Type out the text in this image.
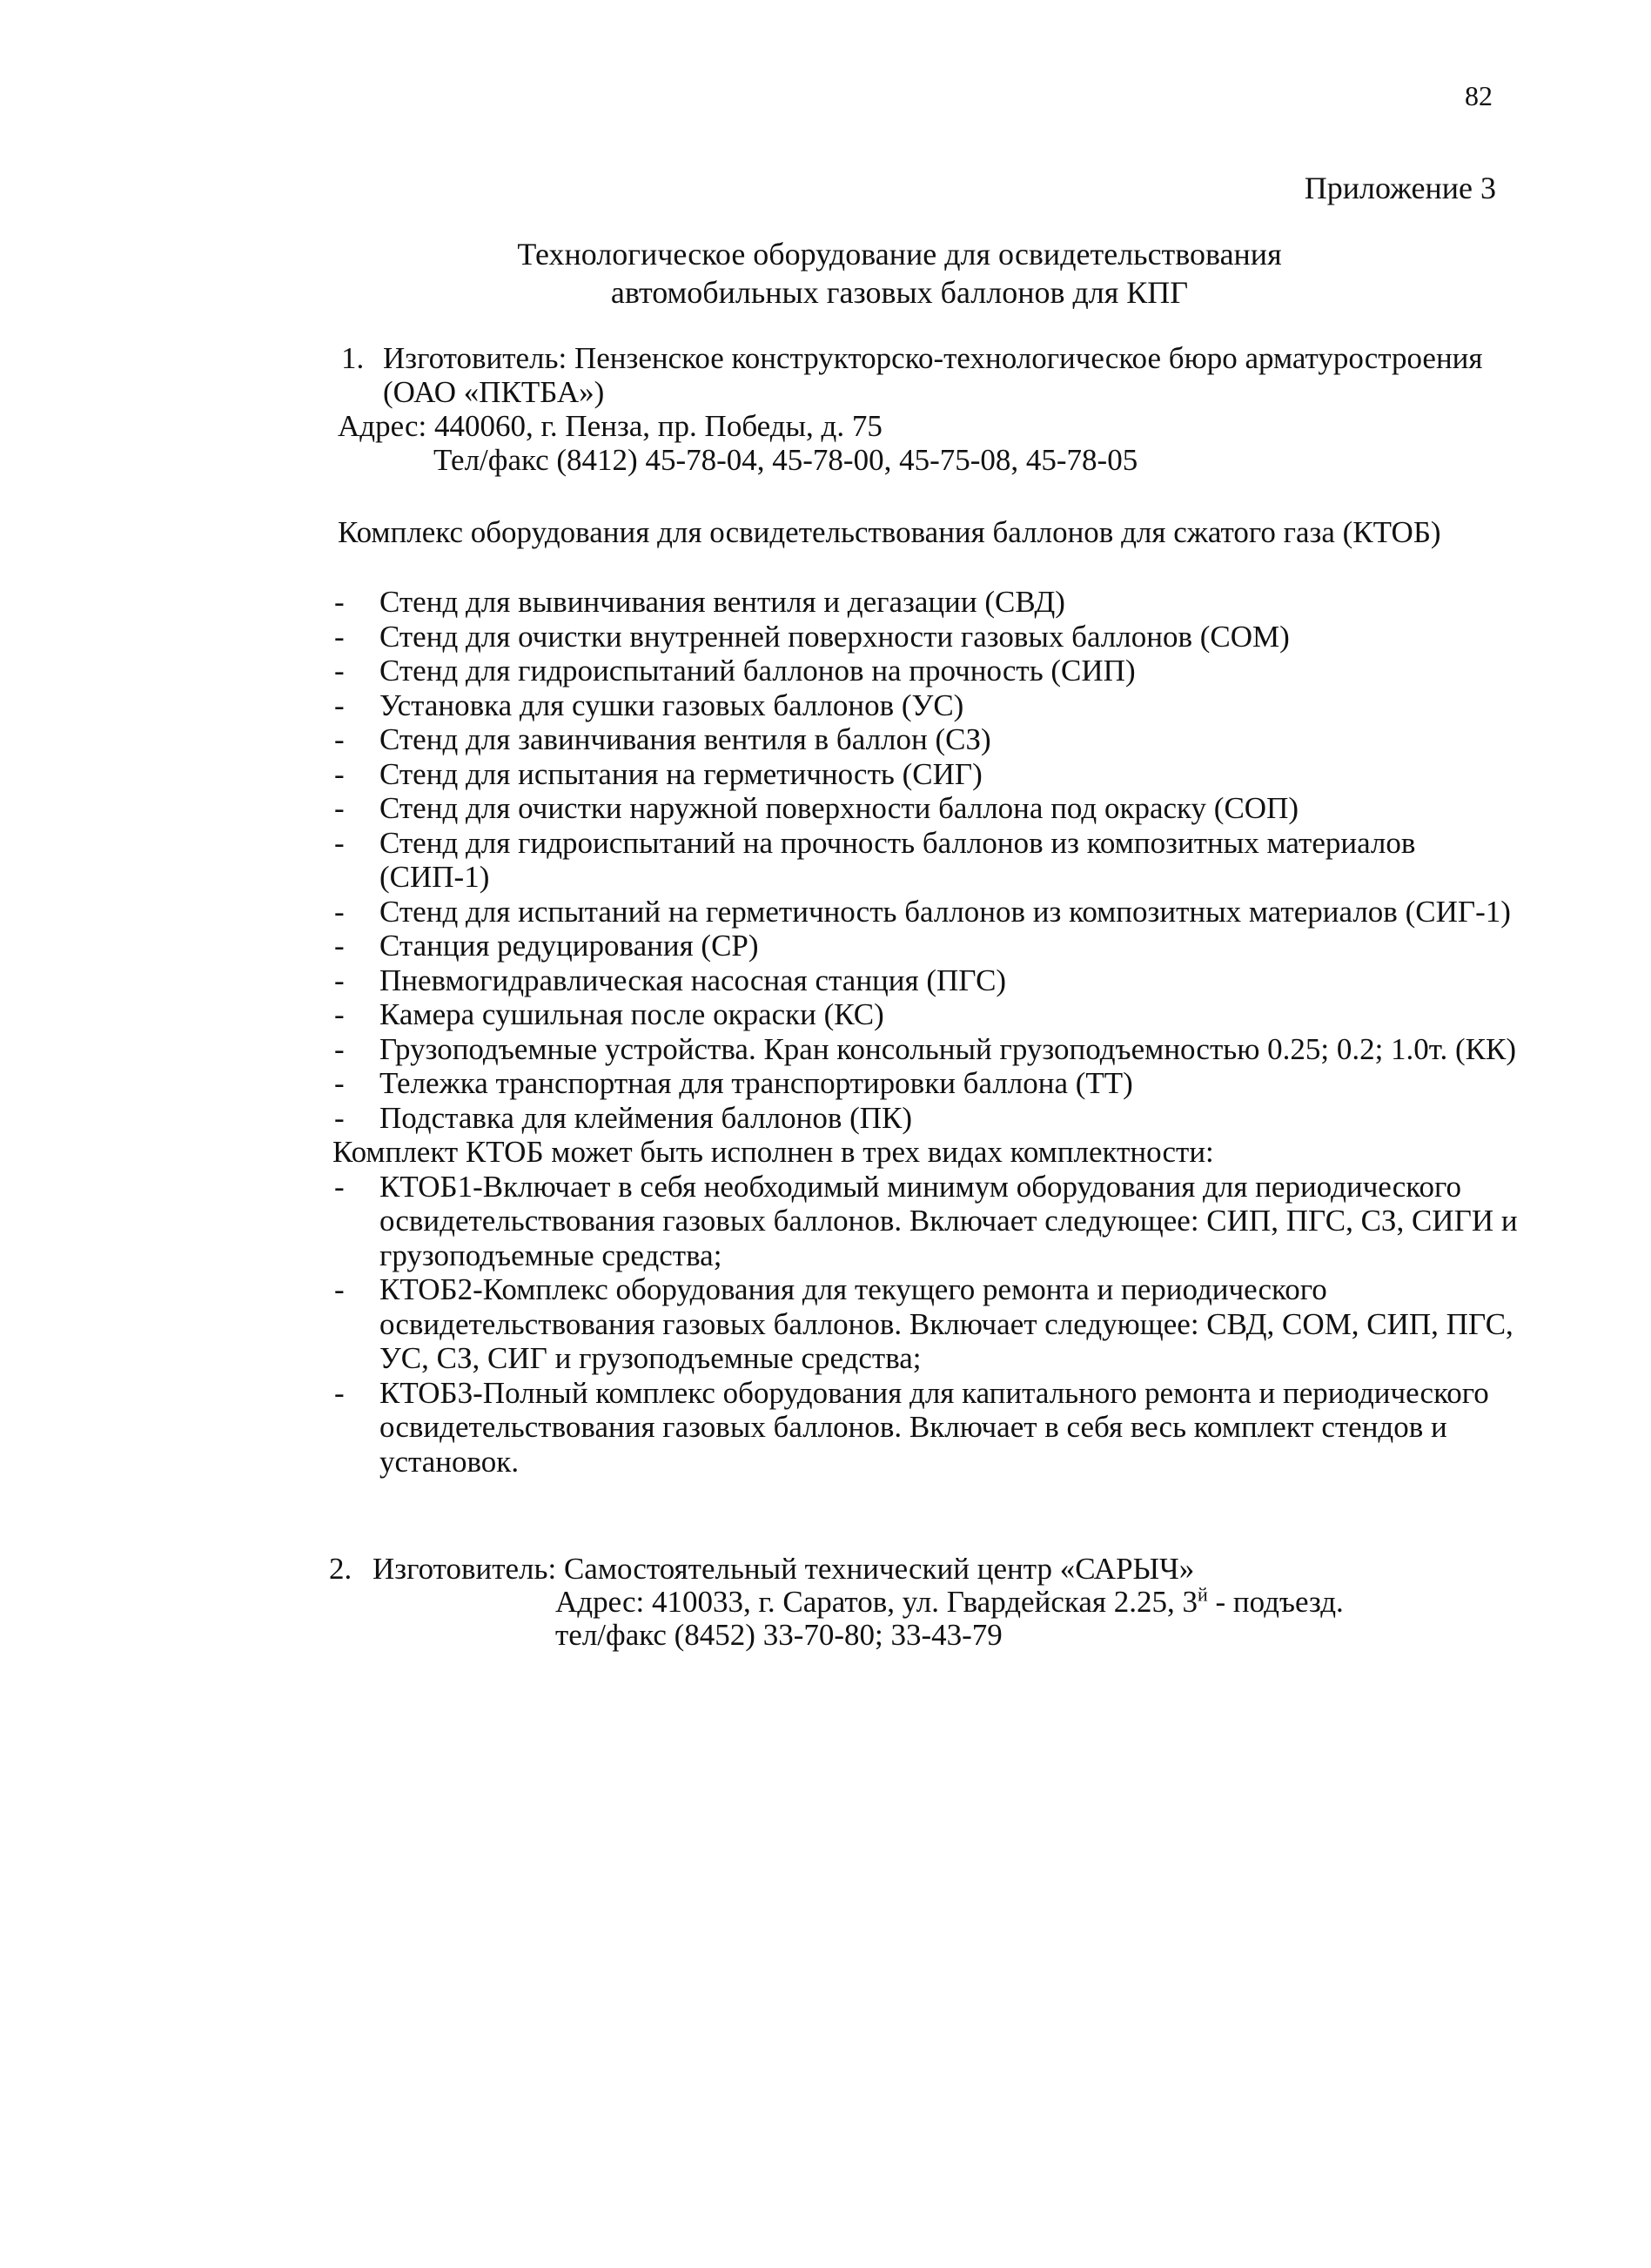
82
Приложение 3
Технологическое оборудование для освидетельствования
автомобильных газовых баллонов для КПГ
1. Изготовитель: Пензенское конструкторско-технологическое бюро арматуростроения
(ОАО «ПКТБА»)
Адрес: 440060, г. Пенза, пр. Победы, д. 75
Тел/факс (8412) 45-78-04, 45-78-00, 45-75-08, 45-78-05
Комплекс оборудования для освидетельствования баллонов для сжатого газа (КТОБ)
- Стенд для вывинчивания вентиля и дегазации (СВД)
- Стенд для очистки внутренней поверхности газовых баллонов (СОМ)
- Стенд для гидроиспытаний баллонов на прочность (СИП)
- Установка для сушки газовых баллонов (УС)
- Стенд для завинчивания вентиля в баллон (СЗ)
- Стенд для испытания на герметичность (СИГ)
- Стенд для очистки наружной поверхности баллона под окраску (СОП)
- Стенд для гидроиспытаний на прочность баллонов из композитных материалов (СИП-1)
- Стенд для испытаний на герметичность баллонов из композитных материалов (СИГ-1)
- Станция редуцирования (СР)
- Пневмогидравлическая насосная станция (ПГС)
- Камера сушильная после окраски (КС)
- Грузоподъемные устройства. Кран консольный грузоподъемностью 0.25; 0.2; 1.0т. (КК)
- Тележка транспортная для транспортировки баллона (ТТ)
- Подставка для клеймения баллонов (ПК)
Комплект КТОБ может быть исполнен в трех видах комплектности:
- КТОБ1-Включает в себя необходимый минимум оборудования для периодического освидетельствования газовых баллонов. Включает следующее: СИП, ПГС, СЗ, СИГИ и грузоподъемные средства;
- КТОБ2-Комплекс оборудования для текущего ремонта и периодического освидетельствования газовых баллонов. Включает следующее: СВД, СОМ, СИП, ПГС, УС, СЗ, СИГ и грузоподъемные средства;
- КТОБ3-Полный комплекс оборудования для капитального ремонта и периодического освидетельствования газовых баллонов. Включает в себя весь комплект стендов и установок.
2. Изготовитель: Самостоятельный технический центр «САРЫЧ»
Адрес: 410033, г. Саратов, ул. Гвардейская 2.25, $3^й$ - подъезд.
тел/факс (8452) 33-70-80; 33-43-79
